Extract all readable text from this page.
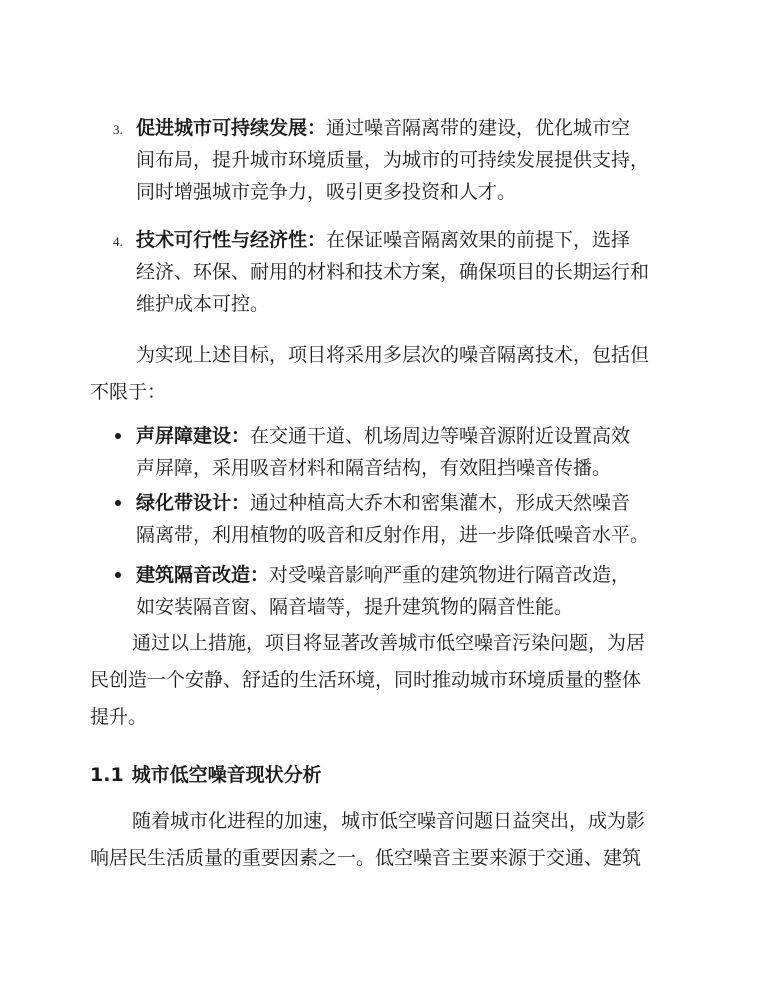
3. 促进城市可持续发展：通过噪音隔离带的建设，优化城市空
间布局，提升城市环境质量，为城市的可持续发展提供支持，
同时增强城市竞争力，吸引更多投资和人才。
4. 技术可行性与经济性：在保证噪音隔离效果的前提下，选择
经济、环保、耐用的材料和技术方案，确保项目的长期运行和
维护成本可控。
为实现上述目标，项目将采用多层次的噪音隔离技术，包括但
不限于：
声屏障建设：在交通干道、机场周边等噪音源附近设置高效
声屏障，采用吸音材料和隔音结构，有效阻挡噪音传播。
绿化带设计：通过种植高大乔木和密集灌木，形成天然噪音
隔离带，利用植物的吸音和反射作用，进一步降低噪音水平。
建筑隔音改造：对受噪音影响严重的建筑物进行隔音改造，
如安装隔音窗、隔音墙等，提升建筑物的隔音性能。
通过以上措施，项目将显著改善城市低空噪音污染问题，为居
民创造一个安静、舒适的生活环境，同时推动城市环境质量的整体
提升。
1.1 城市低空噪音现状分析
随着城市化进程的加速，城市低空噪音问题日益突出，成为影
响居民生活质量的重要因素之一。低空噪音主要来源于交通、建筑
